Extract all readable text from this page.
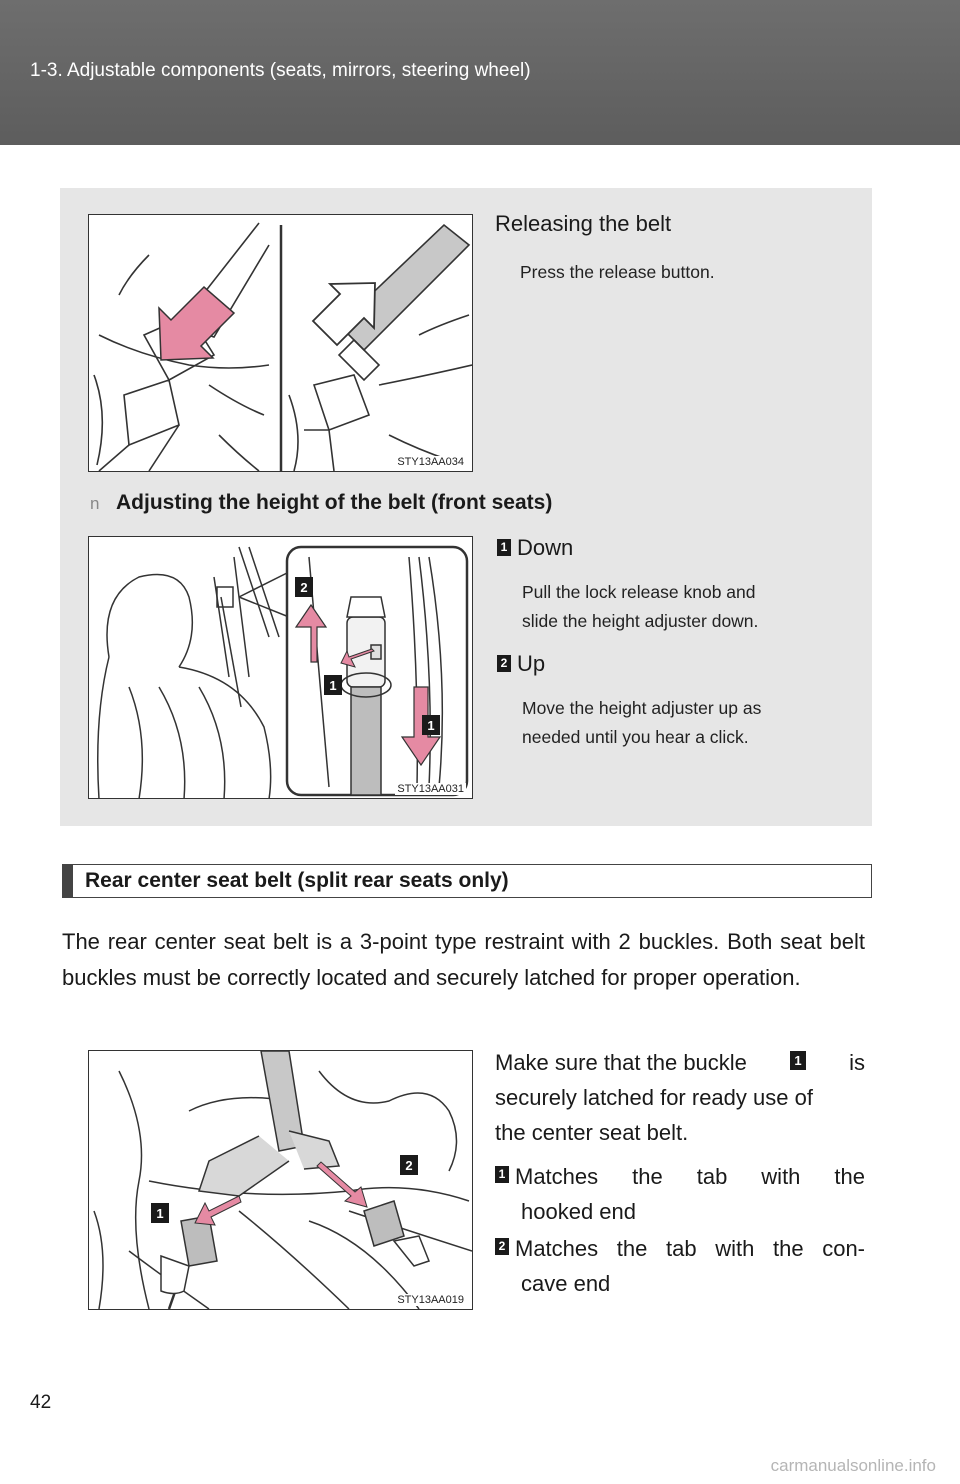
1-3. Adjustable components (seats, mirrors, steering wheel)
STY13AA034
Releasing the belt
Press the release button.
n Adjusting the height of the belt (front seats)
2
1
1
STY13AA031
1 Down
Pull the lock release knob and
slide the height adjuster down.
2 Up
Move the height adjuster up as
needed until you hear a click.
Rear center seat belt (split rear seats only)
The rear center seat belt is a 3-point type restraint with 2 buckles. Both seat belt buckles must be correctly located and securely latched for proper operation.
2
1
STY13AA019
Make sure that the buckle	1 is
securely latched for ready use of
the center seat belt.
1 Matches the tab with the
hooked end
2 Matches the tab with the con-
cave end
42
carmanualsonline.info
